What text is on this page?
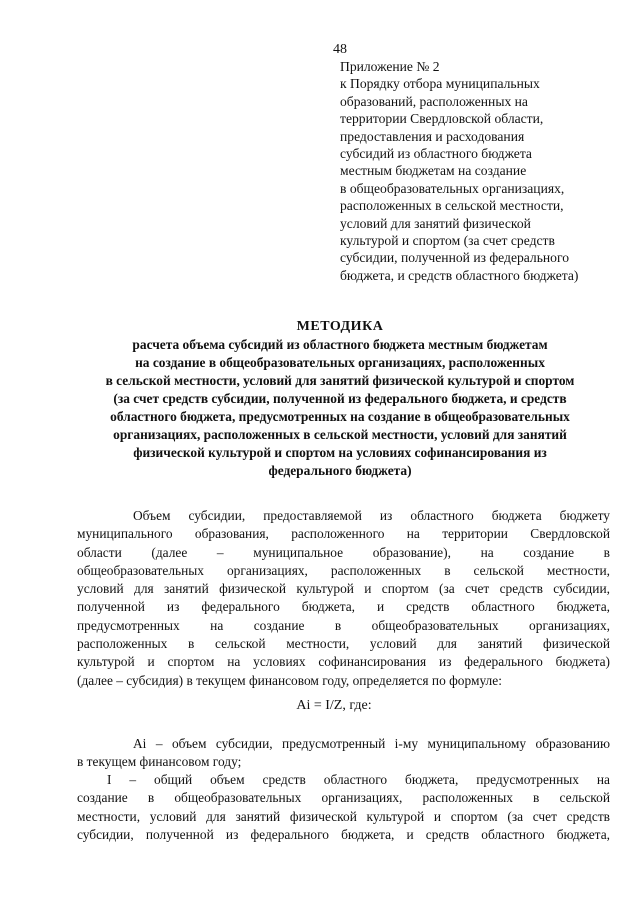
48
Приложение № 2
к Порядку отбора муниципальных
образований, расположенных на
территории Свердловской области,
предоставления и расходования
субсидий из областного бюджета
местным бюджетам на создание
в общеобразовательных организациях,
расположенных в сельской местности,
условий для занятий физической
культурой и спортом (за счет средств
субсидии, полученной из федерального
бюджета, и средств областного бюджета)
МЕТОДИКА
расчета объема субсидий из областного бюджета местным бюджетам
на создание в общеобразовательных организациях, расположенных
в сельской местности, условий для занятий физической культурой и спортом
(за счет средств субсидии, полученной из федерального бюджета, и средств
областного бюджета, предусмотренных на создание в общеобразовательных
организациях, расположенных в сельской местности, условий для занятий
физической культурой и спортом на условиях софинансирования из
федерального бюджета)
Объем субсидии, предоставляемой из областного бюджета бюджету
муниципального образования, расположенного на территории Свердловской
области (далее – муниципальное образование), на создание в
общеобразовательных организациях, расположенных в сельской местности,
условий для занятий физической культурой и спортом (за счет средств субсидии,
полученной из федерального бюджета, и средств областного бюджета,
предусмотренных на создание в общеобразовательных организациях,
расположенных в сельской местности, условий для занятий физической
культурой и спортом на условиях софинансирования из федерального бюджета)
(далее – субсидия) в текущем финансовом году, определяется по формуле:
Ai = I/Z, где:
Ai – объем субсидии, предусмотренный i-му муниципальному образованию
в текущем финансовом году;
I – общий объем средств областного бюджета, предусмотренных на
создание в общеобразовательных организациях, расположенных в сельской
местности, условий для занятий физической культурой и спортом (за счет средств
субсидии, полученной из федерального бюджета, и средств областного бюджета,
